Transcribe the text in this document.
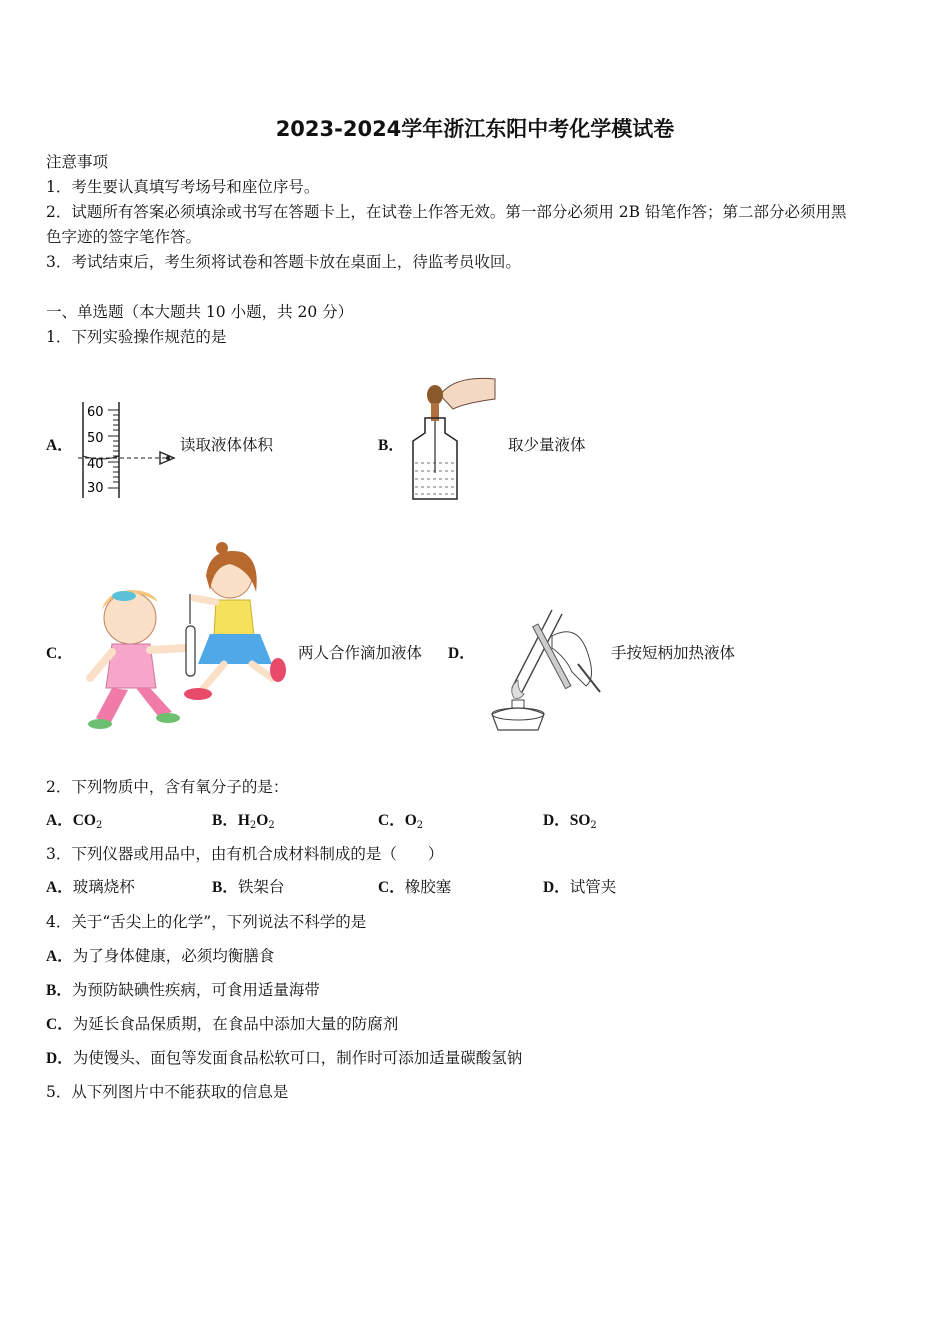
2023-2024学年浙江东阳中考化学模试卷
注意事项
1．考生要认真填写考场号和座位序号。
2．试题所有答案必须填涂或书写在答题卡上，在试卷上作答无效。第一部分必须用 2B 铅笔作答；第二部分必须用黑
色字迹的签字笔作答。
3．考试结束后，考生须将试卷和答题卡放在桌面上，待监考员收回。
一、单选题（本大题共 10 小题，共 20 分）
1．下列实验操作规范的是
A．
60
50
40
30
读取液体体积	B．	取少量液体
C．	两人合作滴加液体 D．	手按短柄加热液体
2．下列物质中，含有氧分子的是：
A．$CO_2$	B．$H_2O_2$	C．$O_2$	D．$SO_2$
3．下列仪器或用品中，由有机合成材料制成的是（　　）
A．玻璃烧杯	B．铁架台	C．橡胶塞	D．试管夹
4．关于“舌尖上的化学”，下列说法不科学的是
A．为了身体健康，必须均衡膳食
B．为预防缺碘性疾病，可食用适量海带
C．为延长食品保质期，在食品中添加大量的防腐剂
D．为使馒头、面包等发面食品松软可口，制作时可添加适量碳酸氢钠
5．从下列图片中不能获取的信息是
